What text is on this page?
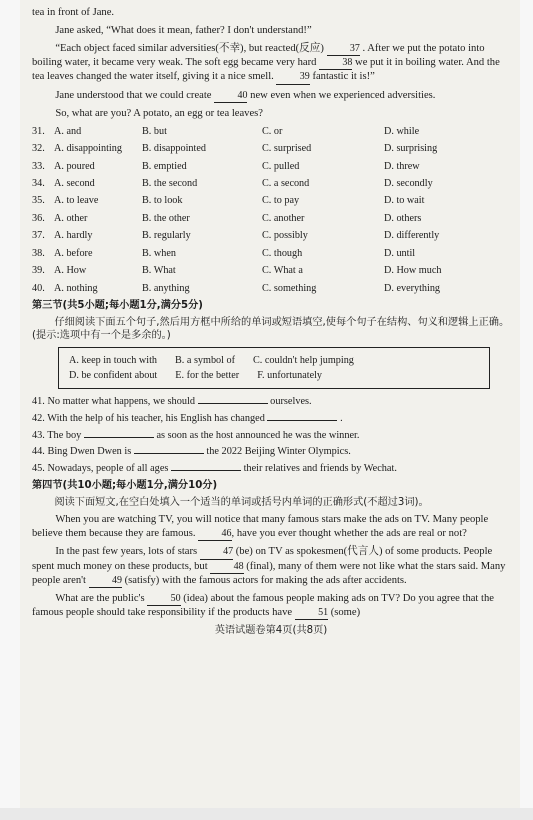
tea in front of Jane.

Jane asked, “What does it mean, father? I don't understand!”

“Each object faced similar adversities(不幸), but reacted(反应)	37 . After we put the potato into boiling water, it became very weak. The soft egg became very hard	38 we put it in boiling water. And the tea leaves changed the water itself, giving it a nice smell.	39 fantastic it is!”

Jane understood that we could create	40 new even when we experienced adversities.

So, what are you? A potato, an egg or tea leaves?

31. A. and	B. but	C. or	D. while
32. A. disappointing	B. disappointed	C. surprised	D. surprising
33. A. poured	B. emptied	C. pulled	D. threw
34. A. second	B. the second	C. a second	D. secondly
35. A. to leave	B. to look	C. to pay	D. to wait
36. A. other	B. the other	C. another	D. others
37. A. hardly	B. regularly	C. possibly	D. differently
38. A. before	B. when	C. though	D. until
39. A. How	B. What	C. What a	D. How much
40. A. nothing	B. anything	C. something	D. everything
第三节(共5小题;每小题1分,满分5分)

仔细阅读下面五个句子,然后用方框中所给的单词或短语填空,使每个句子在结构、句义和逻辑上正确。(提示:选项中有一个是多余的。)

A. keep in touch with B. a symbol of C. couldn't help jumping
D. be confident about E. for the better F. unfortunately
41. No matter what happens, we should	ourselves.
42. With the help of his teacher, his English has changed	.
43. The boy	as soon as the host announced he was the winner.
44. Bing Dwen Dwen is	the 2022 Beijing Winter Olympics.
45. Nowadays, people of all ages	their relatives and friends by Wechat.
第四节(共10小题;每小题1分,满分10分)

阅读下面短文,在空白处填入一个适当的单词或括号内单词的正确形式(不超过3词)。

When you are watching TV, you will notice that many famous stars make the ads on TV. Many people believe them because they are famous.	46, have you ever thought whether the ads are real or not?

In the past few years, lots of stars	47 (be) on TV as spokesmen(代言人) of some products. People spent much money on these products, but	48 (final), many of them were not like what the stars said. Many people aren't	49 (satisfy) with the famous actors for making the ads after accidents.

What are the public's	50 (idea) about the famous people making ads on TV? Do you agree that the famous people should take responsibility if the products have	51 (some)

英语试题卷第4页(共8页)
